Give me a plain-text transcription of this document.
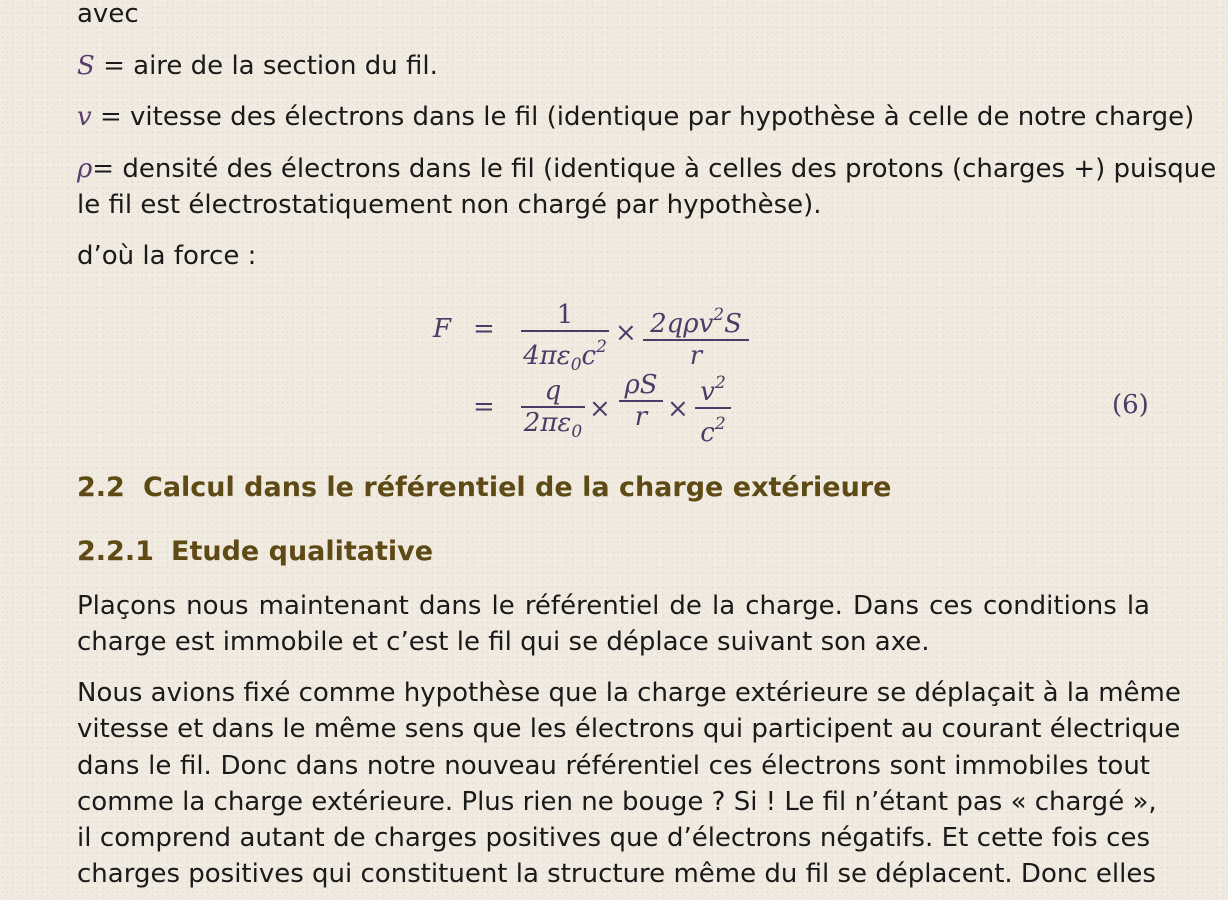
avec
S = aire de la section du fil.
v = vitesse des électrons dans le fil (identique par hypothèse à celle de notre charge)
ρ= densité des électrons dans le fil (identique à celles des protons (charges +) puisque
le fil est électrostatiquement non chargé par hypothèse).
d’où la force :
F =	1
$4\pi\varepsilon_0c^2 \times 2q\rho v^2S$
r
=
q
$2\pi\varepsilon_0$
×
ρS
r ×
$v^2$
$c^2$
(6)
2.2 Calcul dans le référentiel de la charge extérieure
2.2.1 Etude qualitative
Plaçons nous maintenant dans le référentiel de la charge. Dans ces conditions la
charge est immobile et c’est le fil qui se déplace suivant son axe.
Nous avions fixé comme hypothèse que la charge extérieure se déplaçait à la même
vitesse et dans le même sens que les électrons qui participent au courant électrique
dans le fil. Donc dans notre nouveau référentiel ces électrons sont immobiles tout
comme la charge extérieure. Plus rien ne bouge ? Si ! Le fil n’étant pas « chargé »,
il comprend autant de charges positives que d’électrons négatifs. Et cette fois ces
charges positives qui constituent la structure même du fil se déplacent. Donc elles
